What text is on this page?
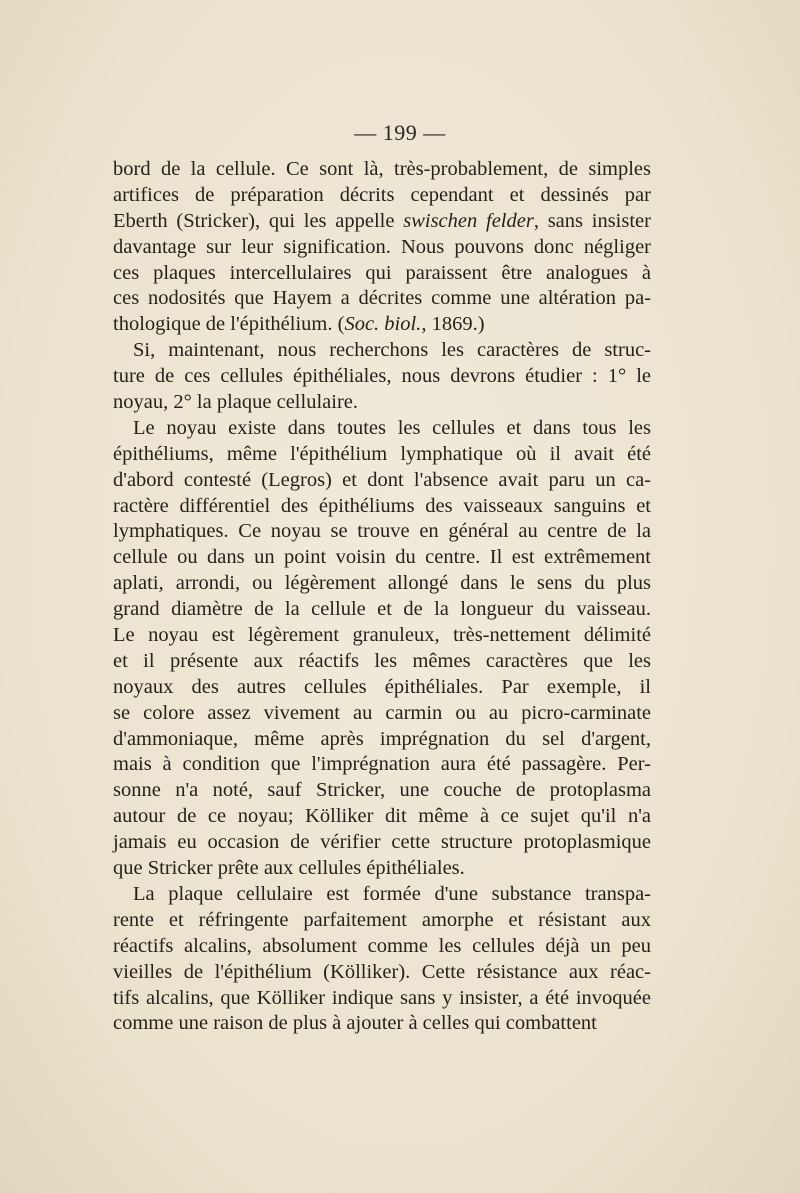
— 199 —
bord de la cellule. Ce sont là, très-probablement, de simples
artifices de préparation décrits cependant et dessinés par
Eberth (Stricker), qui les appelle swischen felder, sans insister
davantage sur leur signification. Nous pouvons donc négliger
ces plaques intercellulaires qui paraissent être analogues à
ces nodosités que Hayem a décrites comme une altération pa-
thologique de l'épithélium. (Soc. biol., 1869.)
Si, maintenant, nous recherchons les caractères de struc-
ture de ces cellules épithéliales, nous devrons étudier : 1° le
noyau, 2° la plaque cellulaire.
Le noyau existe dans toutes les cellules et dans tous les
épithéliums, même l'épithélium lymphatique où il avait été
d'abord contesté (Legros) et dont l'absence avait paru un ca-
ractère différentiel des épithéliums des vaisseaux sanguins et
lymphatiques. Ce noyau se trouve en général au centre de la
cellule ou dans un point voisin du centre. Il est extrêmement
aplati, arrondi, ou légèrement allongé dans le sens du plus
grand diamètre de la cellule et de la longueur du vaisseau.
Le noyau est légèrement granuleux, très-nettement délimité
et il présente aux réactifs les mêmes caractères que les
noyaux des autres cellules épithéliales. Par exemple, il
se colore assez vivement au carmin ou au picro-carminate
d'ammoniaque, même après imprégnation du sel d'argent,
mais à condition que l'imprégnation aura été passagère. Per-
sonne n'a noté, sauf Stricker, une couche de protoplasma
autour de ce noyau; Kölliker dit même à ce sujet qu'il n'a
jamais eu occasion de vérifier cette structure protoplasmique
que Stricker prête aux cellules épithéliales.
La plaque cellulaire est formée d'une substance transpa-
rente et réfringente parfaitement amorphe et résistant aux
réactifs alcalins, absolument comme les cellules déjà un peu
vieilles de l'épithélium (Kölliker). Cette résistance aux réac-
tifs alcalins, que Kölliker indique sans y insister, a été invoquée
comme une raison de plus à ajouter à celles qui combattent
